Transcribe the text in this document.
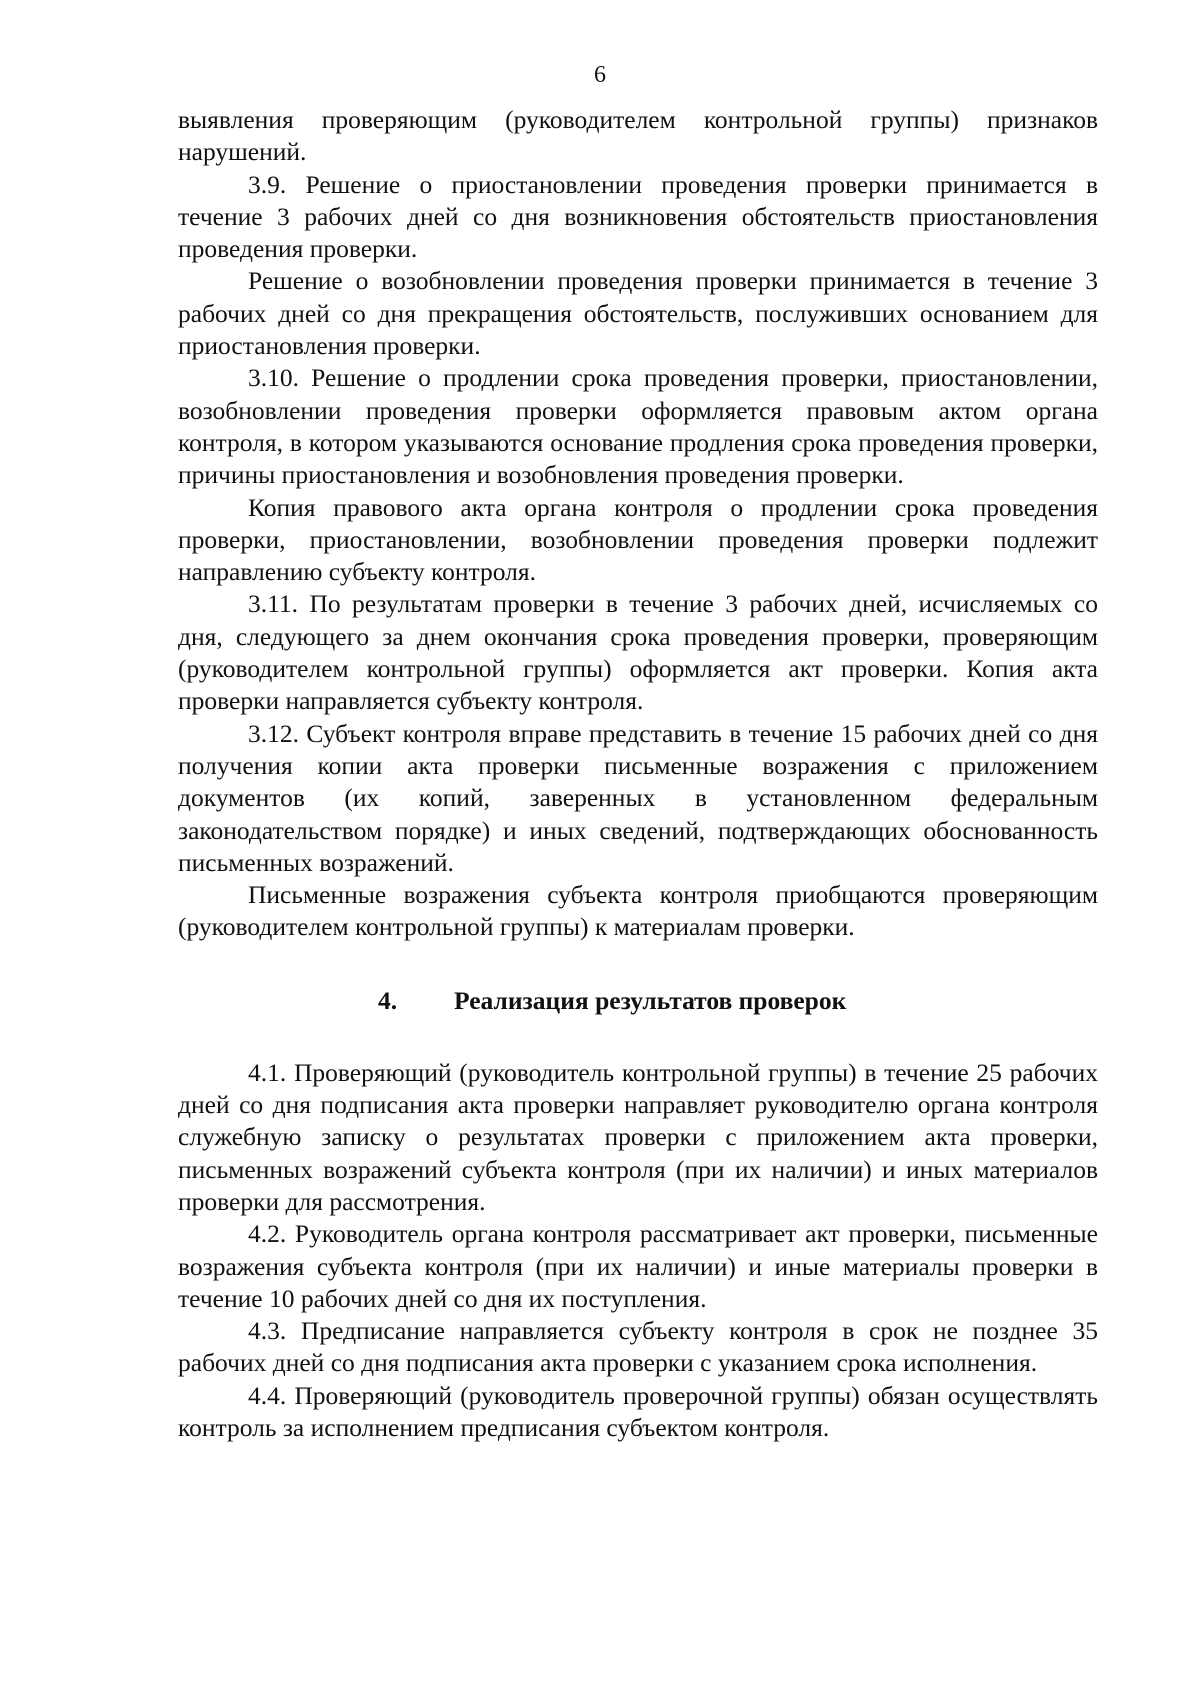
6

выявления проверяющим (руководителем контрольной группы) признаков нарушений.

3.9. Решение о приостановлении проведения проверки принимается в течение 3 рабочих дней со дня возникновения обстоятельств приостановления проведения проверки.

Решение о возобновлении проведения проверки принимается в течение 3 рабочих дней со дня прекращения обстоятельств, послуживших основанием для приостановления проверки.

3.10. Решение о продлении срока проведения проверки, приостановлении, возобновлении проведения проверки оформляется правовым актом органа контроля, в котором указываются основание продления срока проведения проверки, причины приостановления и возобновления проведения проверки.

Копия правового акта органа контроля о продлении срока проведения проверки, приостановлении, возобновлении проведения проверки подлежит направлению субъекту контроля.

3.11. По результатам проверки в течение 3 рабочих дней, исчисляемых со дня, следующего за днем окончания срока проведения проверки, проверяющим (руководителем контрольной группы) оформляется акт проверки. Копия акта проверки направляется субъекту контроля.

3.12. Субъект контроля вправе представить в течение 15 рабочих дней со дня получения копии акта проверки письменные возражения с приложением документов (их копий, заверенных в установленном федеральным законодательством порядке) и иных сведений, подтверждающих обоснованность письменных возражений.

Письменные возражения субъекта контроля приобщаются проверяющим (руководителем контрольной группы) к материалам проверки.

4. Реализация результатов проверок

4.1. Проверяющий (руководитель контрольной группы) в течение 25 рабочих дней со дня подписания акта проверки направляет руководителю органа контроля служебную записку о результатах проверки с приложением акта проверки, письменных возражений субъекта контроля (при их наличии) и иных материалов проверки для рассмотрения.

4.2. Руководитель органа контроля рассматривает акт проверки, письменные возражения субъекта контроля (при их наличии) и иные материалы проверки в течение 10 рабочих дней со дня их поступления.

4.3. Предписание направляется субъекту контроля в срок не позднее 35 рабочих дней со дня подписания акта проверки с указанием срока исполнения.

4.4. Проверяющий (руководитель проверочной группы) обязан осуществлять контроль за исполнением предписания субъектом контроля.
